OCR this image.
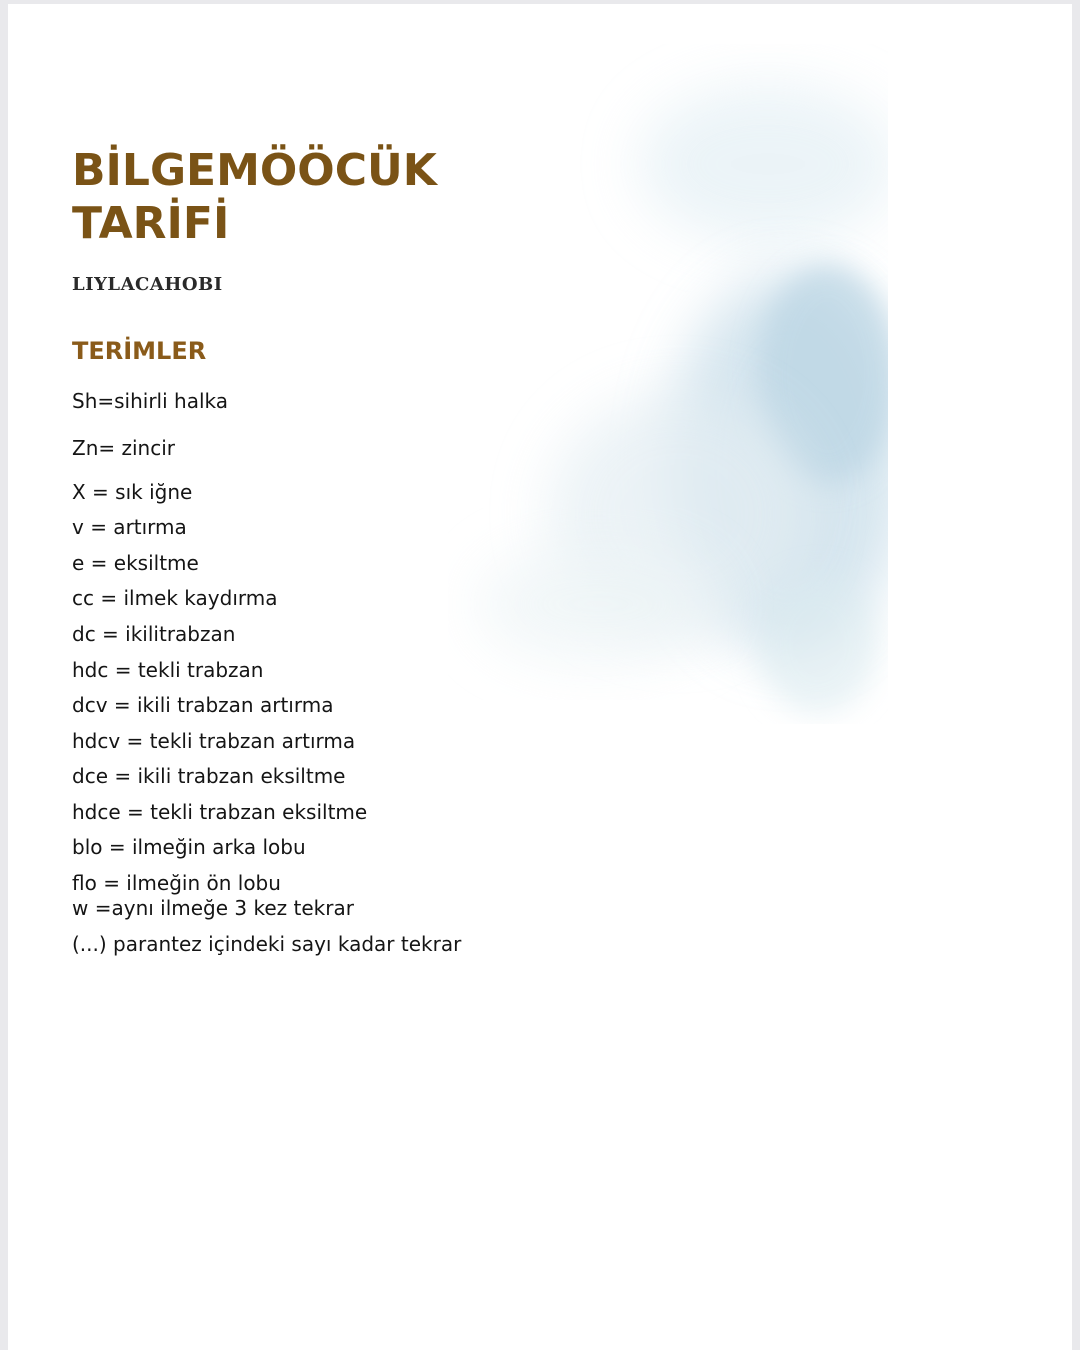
BİLGEMÖÖCÜK
TARİFİ
LIYLACAHOBI
TERİMLER
Sh=sihirli halka
Zn= zincir
X = sık iğne
v = artırma
e = eksiltme
cc = ilmek kaydırma
dc = ikilitrabzan
hdc = tekli trabzan
dcv = ikili trabzan artırma
hdcv = tekli trabzan artırma
dce = ikili trabzan eksiltme
hdce = tekli trabzan eksiltme
blo = ilmeğin arka lobu
flo = ilmeğin ön lobu
w =aynı ilmeğe 3 kez tekrar
(...) parantez içindeki sayı kadar tekrar
